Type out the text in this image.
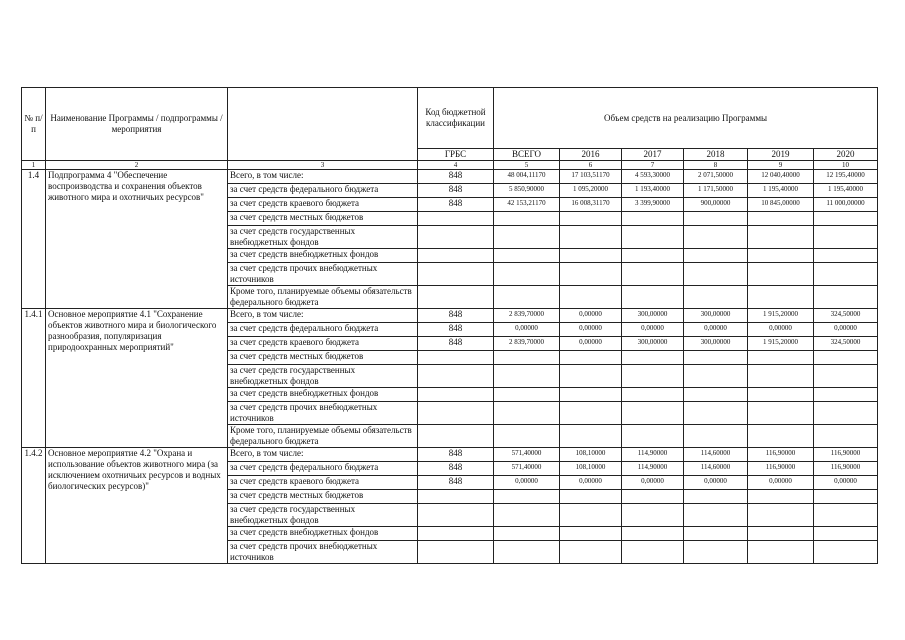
№ п/п	Наименование Программы / подпрограммы / мероприятия		Код бюджетной классификации	Объем средств на реализацию Программы					
			ГРБС	ВСЕГО	2016	2017	2018	2019	2020
1	2	3	4	5	6	7	8	9	10
1.4	Подпрограмма 4 "Обеспечение воспроизводства и сохранения объектов животного мира и охотничьих ресурсов"	Всего, в том числе:	848	48 004,11170	17 103,51170	4 593,30000	2 071,50000	12 040,40000	12 195,40000
		за счет средств федерального бюджета	848	5 850,90000	1 095,20000	1 193,40000	1 171,50000	1 195,40000	1 195,40000
		за счет средств краевого бюджета	848	42 153,21170	16 008,31170	3 399,90000	900,00000	10 845,00000	11 000,00000
		за счет средств местных бюджетов							
		за счет средств государственных внебюджетных фондов							
		за счет средств внебюджетных фондов							
		за счет средств прочих внебюджетных источников							
		Кроме того, планируемые объемы обязательств федерального бюджета							
1.4.1	Основное мероприятие 4.1 "Сохранение объектов животного мира и биологического разнообразия, популяризация природоохранных мероприятий"	Всего, в том числе:	848	2 839,70000	0,00000	300,00000	300,00000	1 915,20000	324,50000
		за счет средств федерального бюджета	848	0,00000	0,00000	0,00000	0,00000	0,00000	0,00000
		за счет средств краевого бюджета	848	2 839,70000	0,00000	300,00000	300,00000	1 915,20000	324,50000
		за счет средств местных бюджетов							
		за счет средств государственных внебюджетных фондов							
		за счет средств внебюджетных фондов							
		за счет средств прочих внебюджетных источников							
		Кроме того, планируемые объемы обязательств федерального бюджета							
1.4.2	Основное мероприятие 4.2 "Охрана и использование объектов животного мира (за исключением охотничьих ресурсов и водных биологических ресурсов)"	Всего, в том числе:	848	571,40000	108,10000	114,90000	114,60000	116,90000	116,90000
		за счет средств федерального бюджета	848	571,40000	108,10000	114,90000	114,60000	116,90000	116,90000
		за счет средств краевого бюджета	848	0,00000	0,00000	0,00000	0,00000	0,00000	0,00000
		за счет средств местных бюджетов							
		за счет средств государственных внебюджетных фондов							
		за счет средств внебюджетных фондов							
		за счет средств прочих внебюджетных источников							
